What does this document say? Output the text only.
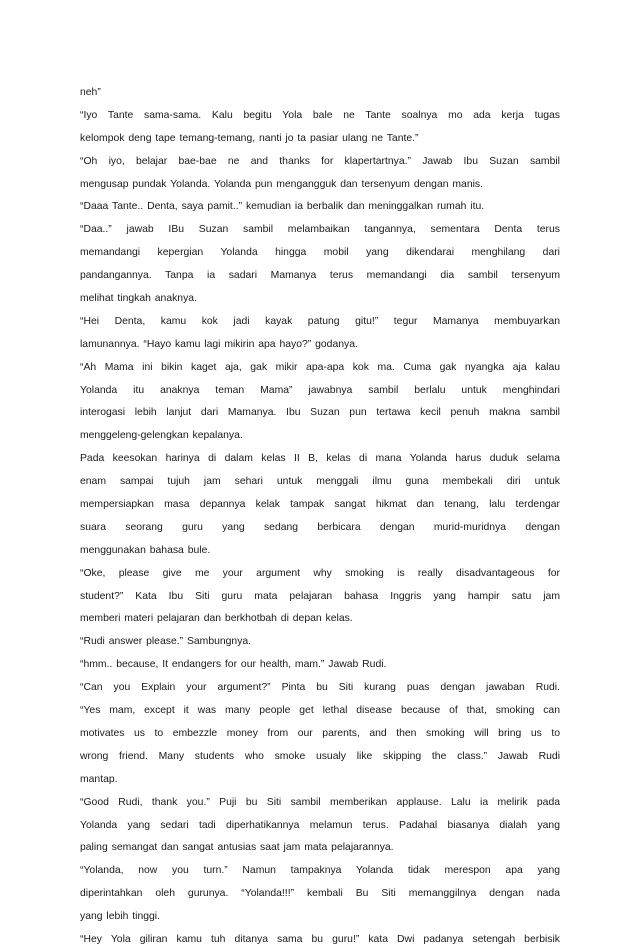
neh”
“Iyo Tante sama-sama. Kalu begitu Yola bale ne Tante soalnya mo ada kerja tugas
kelompok deng tape temang-temang, nanti jo ta pasiar ulang ne Tante.”
“Oh iyo, belajar bae-bae ne and thanks for klapertartnya.” Jawab Ibu Suzan sambil
mengusap pundak Yolanda. Yolanda pun mengangguk dan tersenyum dengan manis.
“Daaa Tante.. Denta, saya pamit..” kemudian ia berbalik dan meninggalkan rumah itu.
“Daa..” jawab IBu Suzan sambil melambaikan tangannya, sementara Denta terus
memandangi kepergian Yolanda hingga mobil yang dikendarai menghilang dari
pandangannya. Tanpa ia sadari Mamanya terus memandangi dia sambil tersenyum
melihat tingkah anaknya.
“Hei Denta, kamu kok jadi kayak patung gitu!” tegur Mamanya membuyarkan
lamunannya. “Hayo kamu lagi mikirin apa hayo?” godanya.
“Ah Mama ini bikin kaget aja, gak mikir apa-apa kok ma. Cuma gak nyangka aja kalau
Yolanda itu anaknya teman Mama” jawabnya sambil berlalu untuk menghindari
interogasi lebih lanjut dari Mamanya. Ibu Suzan pun tertawa kecil penuh makna sambil
menggeleng-gelengkan kepalanya.
Pada keesokan harinya di dalam kelas II B, kelas di mana Yolanda harus duduk selama
enam sampai tujuh jam sehari untuk menggali ilmu guna membekali diri untuk
mempersiapkan masa depannya kelak tampak sangat hikmat dan tenang, lalu terdengar
suara seorang guru yang sedang berbicara dengan murid-muridnya dengan
menggunakan bahasa bule.
“Oke, please give me your argument why smoking is really disadvantageous for
student?” Kata Ibu Siti guru mata pelajaran bahasa Inggris yang hampir satu jam
memberi materi pelajaran dan berkhotbah di depan kelas.
“Rudi answer please.” Sambungnya.
“hmm.. because, It endangers for our health, mam.” Jawab Rudi.
“Can you Explain your argument?” Pinta bu Siti kurang puas dengan jawaban Rudi.
“Yes mam, except it was many people get lethal disease because of that, smoking can
motivates us to embezzle money from our parents, and then smoking will bring us to
wrong friend. Many students who smoke usualy like skipping the class.” Jawab Rudi
mantap.
“Good Rudi, thank you.” Puji bu Siti sambil memberikan applause. Lalu ia melirik pada
Yolanda yang sedari tadi diperhatikannya melamun terus. Padahal biasanya dialah yang
paling semangat dan sangat antusias saat jam mata pelajarannya.
“Yolanda, now you turn.” Namun tampaknya Yolanda tidak merespon apa yang
diperintahkan oleh gurunya. “Yolanda!!!” kembali Bu Siti memanggilnya dengan nada
yang lebih tinggi.
“Hey Yola giliran kamu tuh ditanya sama bu guru!” kata Dwi padanya setengah berbisik
